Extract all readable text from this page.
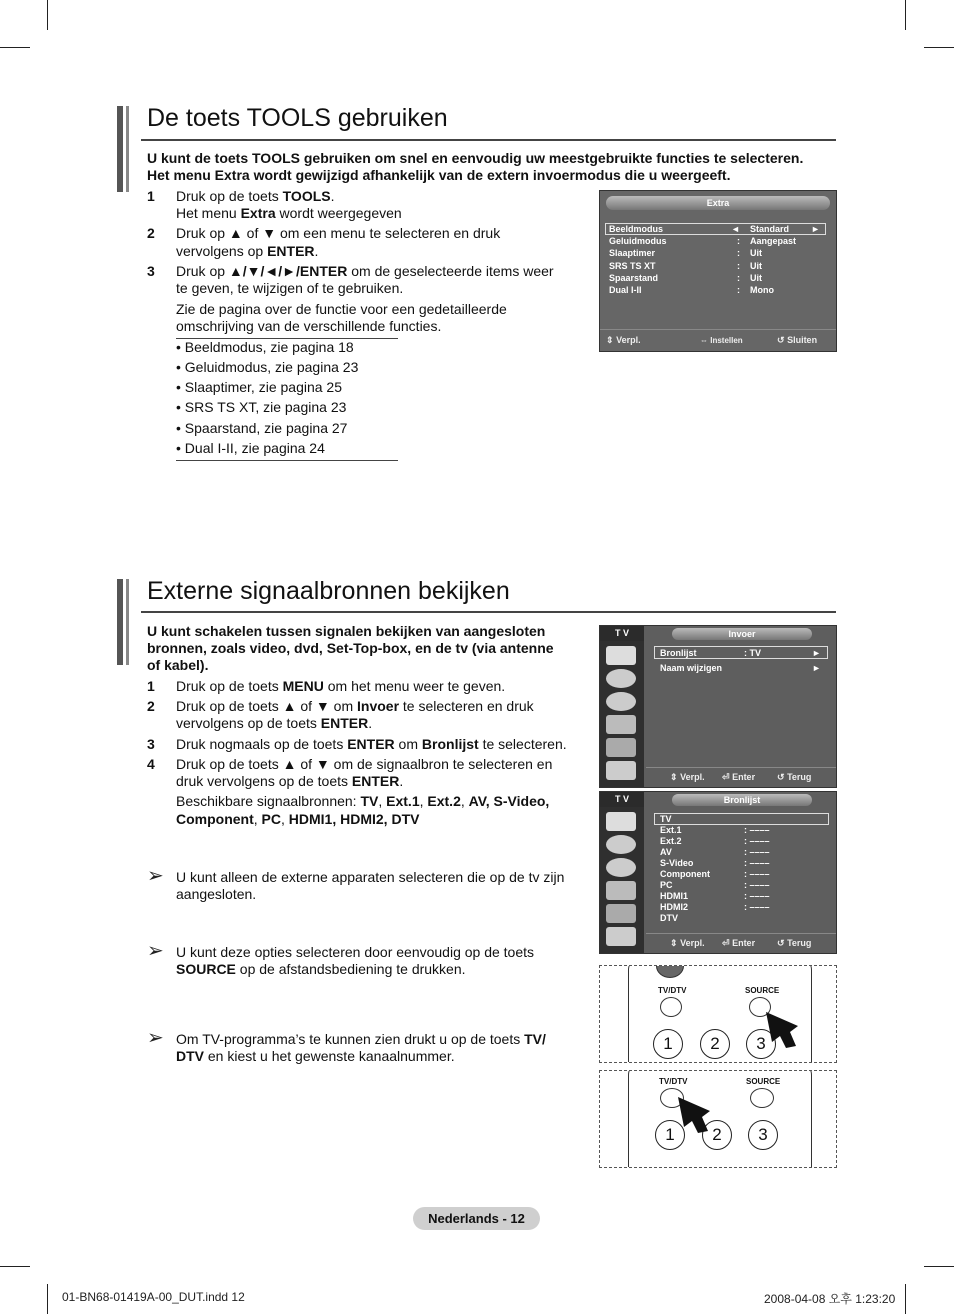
De toets TOOLS gebruiken
U kunt de toets TOOLS gebruiken om snel en eenvoudig uw meestgebruikte functies te selecteren.
Het menu Extra wordt gewijzigd afhankelijk van de extern invoermodus die u weergeeft.
1 Druk op de toets TOOLS.
Het menu Extra wordt weergegeven
2 Druk op ▲ of ▼ om een menu te selecteren en druk
vervolgens op ENTER.
3 Druk op ▲/▼/◄/►/ENTER om de geselecteerde items weer
te geven, te wijzigen of te gebruiken.
Zie de pagina over de functie voor een gedetailleerde
omschrijving van de verschillende functies.
• Beeldmodus, zie pagina 18
• Geluidmodus, zie pagina 23
• Slaaptimer, zie pagina 25
• SRS TS XT, zie pagina 23
• Spaarstand, zie pagina 27
• Dual I-II, zie pagina 24
Extra
Beeldmodus	◄ Standard ►
Geluidmodus	: Aangepast
Slaaptimer	: Uit
SRS TS XT	: Uit
Spaarstand	: Uit
Dual I-II	: Mono
⇕ Verpl.	⇔ Instellen	↺ Sluiten
Externe signaalbronnen bekijken
U kunt schakelen tussen signalen bekijken van aangesloten
bronnen, zoals video, dvd, Set-Top-box, en de tv (via antenne
of kabel).
1 Druk op de toets MENU om het menu weer te geven.
2 Druk op de toets ▲ of ▼ om Invoer te selecteren en druk
vervolgens op de toets ENTER.
3 Druk nogmaals op de toets ENTER om Bronlijst te selecteren.
4 Druk op de toets ▲ of ▼ om de signaalbron te selecteren en
druk vervolgens op de toets ENTER.
Beschikbare signaalbronnen: TV, Ext.1, Ext.2, AV, S-Video,
Component, PC, HDMI1, HDMI2, DTV
➢ U kunt alleen de externe apparaten selecteren die op de tv zijn
aangesloten.
➢ U kunt deze opties selecteren door eenvoudig op de toets
SOURCE op de afstandsbediening te drukken.
➢ Om TV-programma’s te kunnen zien drukt u op de toets TV/
DTV en kiest u het gewenste kanaalnummer.
T V	Invoer
Bronlijst	: TV	►
Naam wijzigen	►
⇕ Verpl. ⏎ Enter ↺ Terug
T V	Bronlijst
TV
Ext.1	: ––––
Ext.2	: ––––
AV	: ––––
S-Video	: ––––
Component	: ––––
PC	: ––––
HDMI1	: ––––
HDMI2	: ––––
DTV
⇕ Verpl. ⏎ Enter ↺ Terug
TV/DTV	SOURCE
1	2	3
TV/DTV	SOURCE
1	2	3
Nederlands - 12
01-BN68-01419A-00_DUT.indd 12	2008-04-08 오후 1:23:20
